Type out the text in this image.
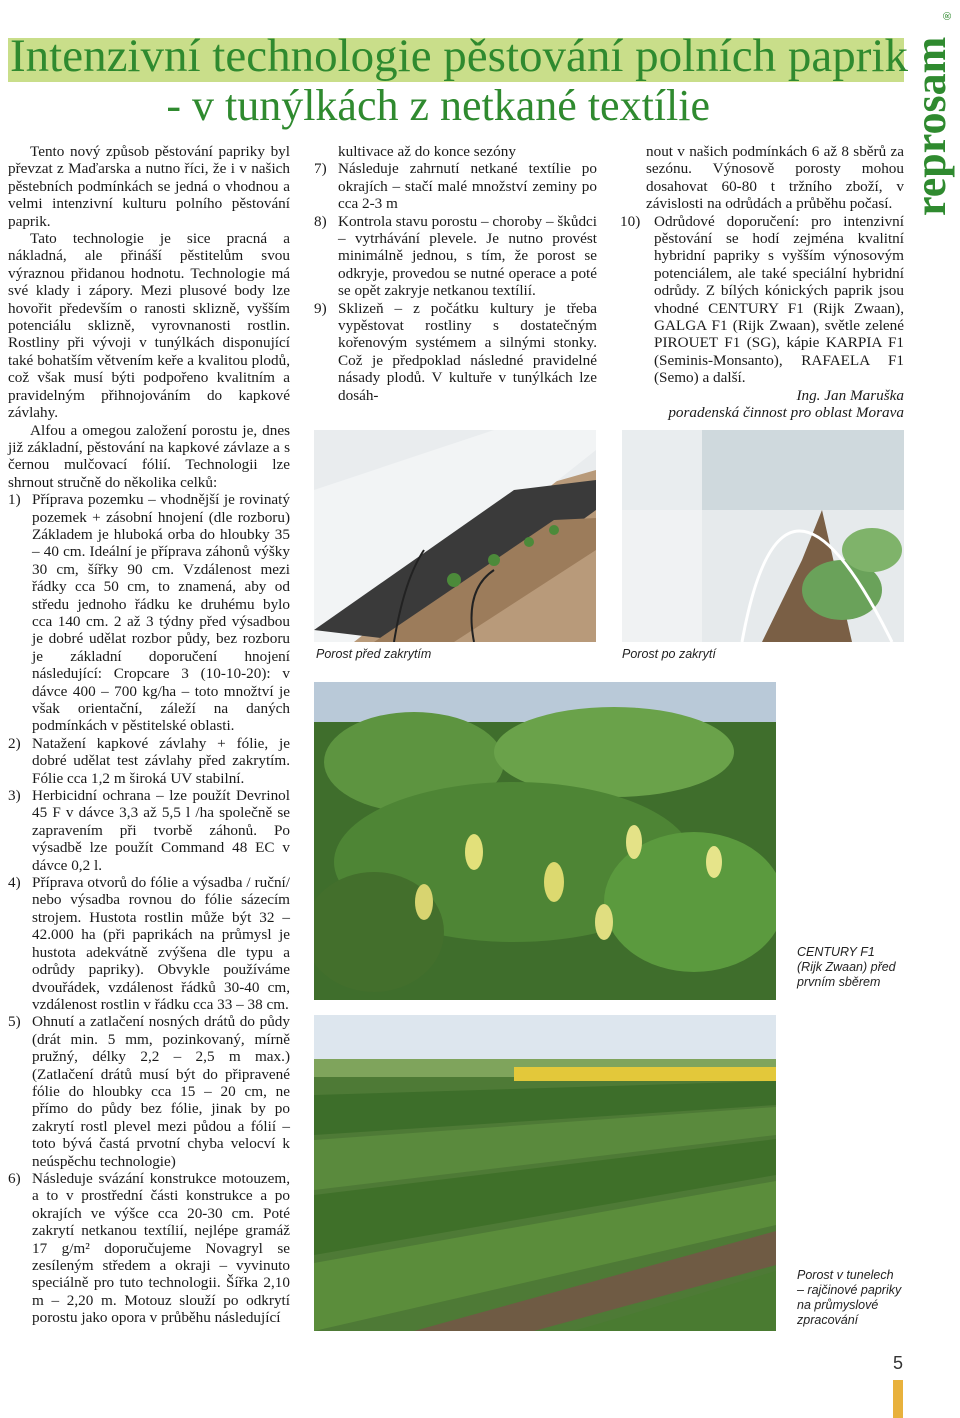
Intenzivní technologie pěstování polních paprik
- v tunýlkách z netkané textílie	reprosam
®

Tento nový způsob pěstování papriky byl převzat z Maďarska a nutno říci, že i v našich pěstebních podmínkách se jedná o vhodnou a velmi intenzivní kulturu polního pěstování paprik.

Tato technologie je sice pracná a nákladná, ale přináší pěstitelům svou výraznou přidanou hodnotu. Technologie má své klady i zápory. Mezi plusové body lze hovořit především o ranosti sklizně, vyšším potenciálu sklizně, vyrovnanosti rostlin. Rostliny při vývoji v tunýlkách disponující také bohatším větvením keře a kvalitou plodů, což však musí býti podpořeno kvalitním a pravidelným přihnojováním do kapkové závlahy.

Alfou a omegou založení porostu je, dnes již základní, pěstování na kapkové závlaze a s černou mulčovací fólií. Technologii lze shrnout stručně do několika celků:

1) Příprava pozemku – vhodnější je rovinatý pozemek + zásobní hnojení (dle rozboru) Základem je hluboká orba do hloubky 35 – 40 cm. Ideální je příprava záhonů výšky 30 cm, šířky 90 cm. Vzdálenost mezi řádky cca 50 cm, to znamená, aby od středu jednoho řádku ke druhému bylo cca 140 cm. 2 až 3 týdny před výsadbou je dobré udělat rozbor půdy, bez rozboru je základní doporučení hnojení následující: Cropcare 3 (10-10-20): v dávce 400 – 700 kg/ha – toto množtví je však orientační, záleží na daných podmínkách v pěstitelské oblasti.
2) Natažení kapkové závlahy + fólie, je dobré udělat test závlahy před zakrytím. Fólie cca 1,2 m široká UV stabilní.
3) Herbicidní ochrana – lze použít Devrinol 45 F v dávce 3,3 až 5,5 l /ha společně se zapravením při tvorbě záhonů. Po výsadbě lze použít Command 48 EC v dávce 0,2 l.
4) Příprava otvorů do fólie a výsadba / ruční/ nebo výsadba rovnou do fólie sázecím strojem. Hustota rostlin může být 32 – 42.000 ha (při paprikách na průmysl je hustota adekvátně zvýšena dle typu a odrůdy papriky). Obvykle používáme dvouřádek, vzdálenost řádků 30-40 cm, vzdálenost rostlin v řádku cca 33 – 38 cm.
5) Ohnutí a zatlačení nosných drátů do půdy (drát min. 5 mm, pozinkovaný, mírně pružný, délky 2,2 – 2,5 m max.) (Zatlačení drátů musí být do připravené fólie do hloubky cca 15 – 20 cm, ne přímo do půdy bez fólie, jinak by po zakrytí rostl plevel mezi půdou a fólií – toto bývá častá prvotní chyba velocví k neúspěchu technologie)
6) Následuje svázání konstrukce motouzem, a to v prostřední části konstrukce a po okrajích ve výšce cca 20-30 cm. Poté zakrytí netkanou textílií, nejlépe gramáž 17 g/m² doporučujeme Novagryl se zesíleným středem a okraji – vyvinuto speciálně pro tuto technologii. Šířka 2,10 m – 2,20 m. Motouz slouží po odkrytí porostu jako opora v průběhu následující

kultivace až do konce sezóny

7) Následuje zahrnutí netkané textílie po okrajích – stačí malé množství zeminy po cca 2-3 m
8) Kontrola stavu porostu – choroby – škůdci – vytrhávání plevele. Je nutno provést minimálně jednou, s tím, že porost se odkryje, provedou se nutné operace a poté se opět zakryje netkanou textílií.
9) Sklizeň – z počátku kultury je třeba vypěstovat rostliny s dostatečným kořenovým systémem a silnými stonky. Což je předpoklad následné pravidelné násady plodů. V kultuře v tunýlkách lze dosáh-

nout v našich podmínkách 6 až 8 sběrů za sezónu. Výnosově porosty mohou dosahovat 60-80 t tržního zboží, v závislosti na odrůdách a průběhu počasí.

10) Odrůdové doporučení: pro intenzivní pěstování se hodí zejména kvalitní hybridní papriky s vyšším výnosovým potenciálem, ale také speciální hybridní odrůdy. Z bílých kónických paprik jsou vhodné CENTURY F1 (Rijk Zwaan), GALGA F1 (Rijk Zwaan), světle zelené PIROUET F1 (SG), kápie KARPIA F1 (Seminis-Monsanto), RAFAELA F1 (Semo) a další.

Ing. Jan Maruška

poradenská činnost pro oblast Morava

Porost před zakrytím	Porost po zakrytí
CENTURY F1
(Rijk Zwaan) před
prvním sběrem
Porost v tunelech
– rajčinové papriky
na průmyslové
zpracování
5
